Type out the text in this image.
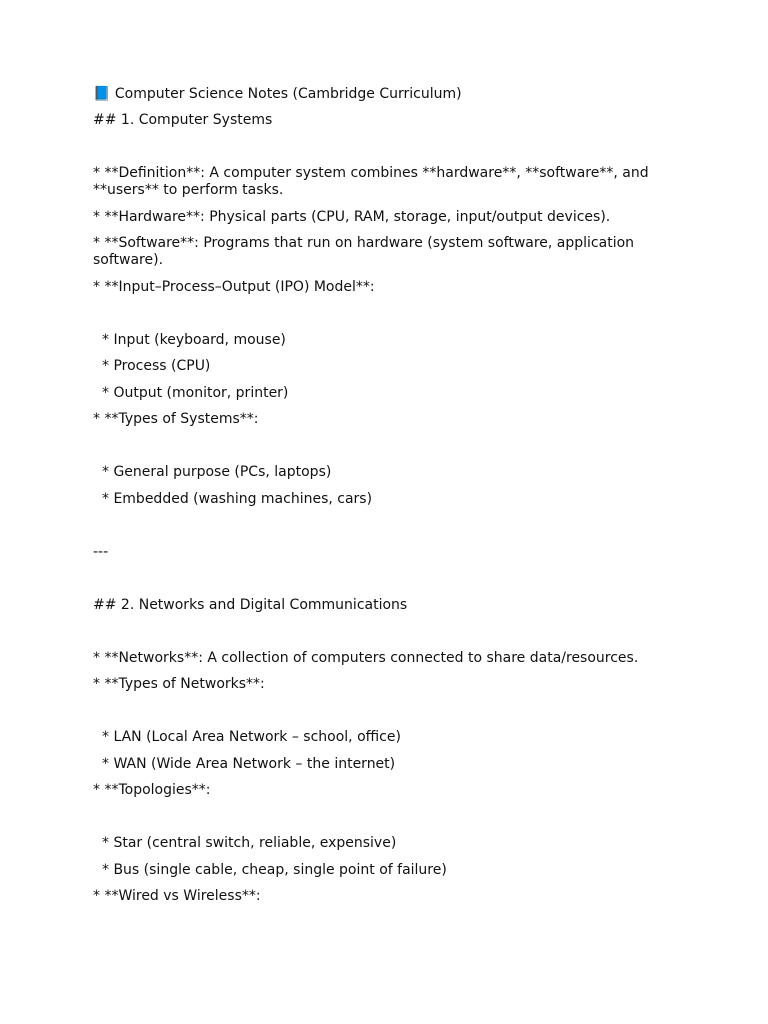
📘 Computer Science Notes (Cambridge Curriculum)
## 1. Computer Systems
* **Definition**: A computer system combines **hardware**, **software**, and **users** to perform tasks.
* **Hardware**: Physical parts (CPU, RAM, storage, input/output devices).
* **Software**: Programs that run on hardware (system software, application software).
* **Input–Process–Output (IPO) Model**:
* Input (keyboard, mouse)
* Process (CPU)
* Output (monitor, printer)
* **Types of Systems**:
* General purpose (PCs, laptops)
* Embedded (washing machines, cars)
---
## 2. Networks and Digital Communications
* **Networks**: A collection of computers connected to share data/resources.
* **Types of Networks**:
* LAN (Local Area Network – school, office)
* WAN (Wide Area Network – the internet)
* **Topologies**:
* Star (central switch, reliable, expensive)
* Bus (single cable, cheap, single point of failure)
* **Wired vs Wireless**:
